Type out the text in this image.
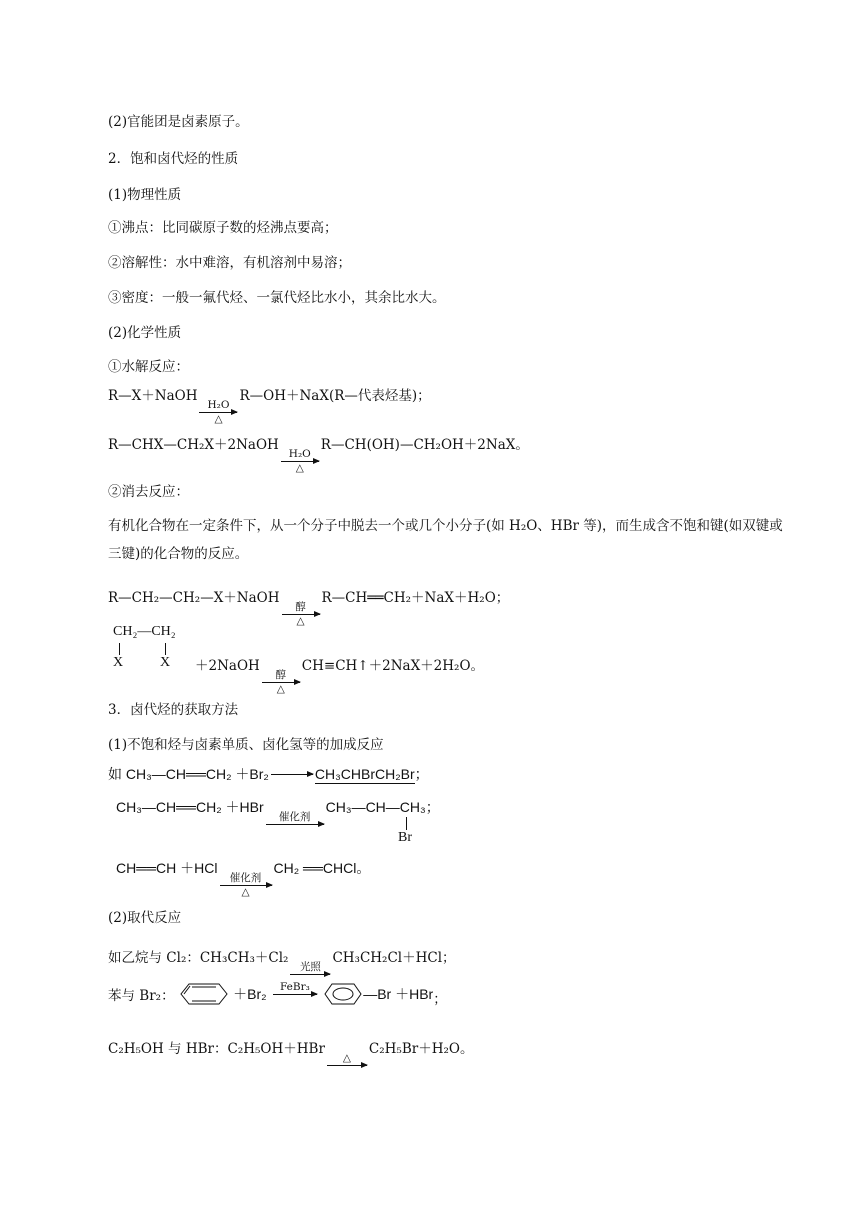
(2)官能团是卤素原子。
2．饱和卤代烃的性质
(1)物理性质
①沸点：比同碳原子数的烃沸点要高；
②溶解性：水中难溶，有机溶剂中易溶；
③密度：一般一氟代烃、一氯代烃比水小，其余比水大。
(2)化学性质
①水解反应：
R—X＋NaOH
H₂O
△
R—OH＋NaX(R—代表烃基)；
R—CHX—CH₂X＋2NaOH
H₂O
△
R—CH(OH)—CH₂OH＋2NaX。
②消去反应：
有机化合物在一定条件下，从一个分子中脱去一个或几个小分子(如 H₂O、HBr 等)，而生成含不饱和键(如双键或三键)的化合物的反应。
R—CH₂—CH₂—X＋NaOH
醇
△
R—CH══CH₂＋NaX＋H₂O；
CH₂—CH₂
X	X ＋2NaOH
醇
△
CH≡CH↑＋2NaX＋2H₂O。
3．卤代烃的获取方法
(1)不饱和烃与卤素单质、卤化氢等的加成反应
如 CH₃—CH══CH₂ ＋Br₂ → CH₃CHBrCH₂Br；
CH₃—CH══CH₂ ＋HBr
催化剂

CH₃—CH—CH₃；
Br
CH══CH ＋HCl
催化剂
△
CH₂ ══CHCl。
(2)取代反应
如乙烷与 Cl₂：CH₃CH₃＋Cl₂
光照

CH₃CH₂Cl＋HCl；
苯与 Br₂：	＋Br₂ FeBr₃
	—Br ＋HBr；
C₂H₅OH 与 HBr：C₂H₅OH＋HBr
△

C₂H₅Br＋H₂O。
